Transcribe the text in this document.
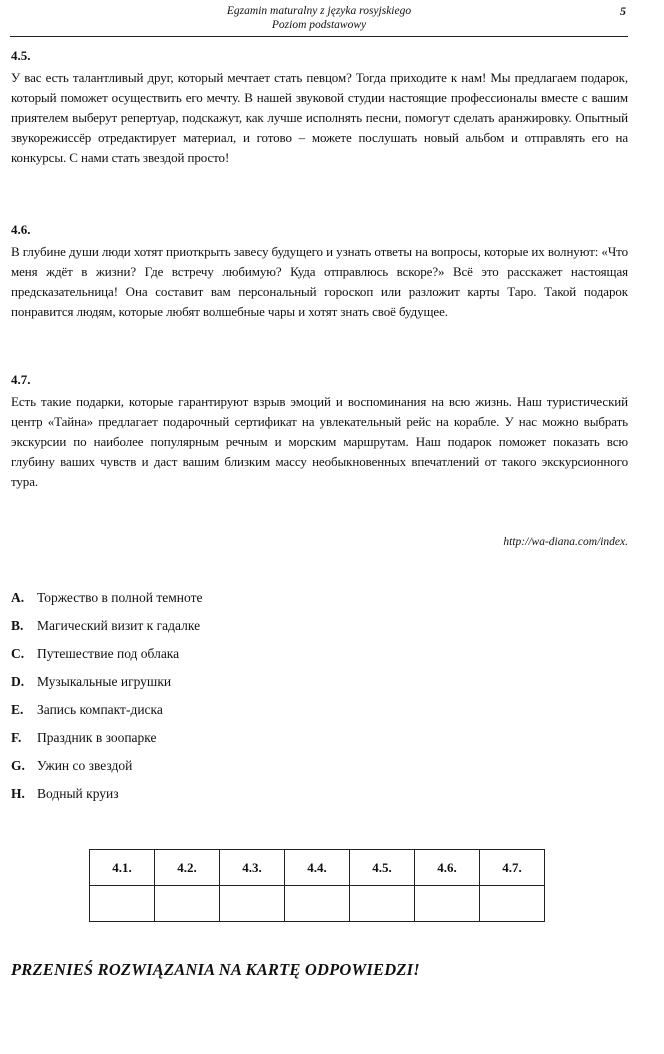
Egzamin maturalny z języka rosyjskiego
Poziom podstawowy
5

4.5.

У вас есть талантливый друг, который мечтает стать певцом? Тогда приходите к нам! Мы предлагаем подарок, который поможет осуществить его мечту. В нашей звуковой студии настоящие профессионалы вместе с вашим приятелем выберут репертуар, подскажут, как лучше исполнять песни, помогут сделать аранжировку. Опытный звукорежиссёр отредактирует материал, и готово – можете послушать новый альбом и отправлять его на конкурсы. С нами стать звездой просто!

4.6.

В глубине души люди хотят приоткрыть завесу будущего и узнать ответы на вопросы, которые их волнуют: «Что меня ждёт в жизни? Где встречу любимую? Куда отправлюсь вскоре?» Всё это расскажет настоящая предсказательница! Она составит вам персональный гороскоп или разложит карты Таро. Такой подарок понравится людям, которые любят волшебные чары и хотят знать своё будущее.

4.7.

Есть такие подарки, которые гарантируют взрыв эмоций и воспоминания на всю жизнь. Наш туристический центр «Тайна» предлагает подарочный сертификат на увлекательный рейс на корабле. У нас можно выбрать экскурсии по наиболее популярным речным и морским маршрутам. Наш подарок поможет показать всю глубину ваших чувств и даст вашим близким массу необыкновенных впечатлений от такого экскурсионного тура.

http://wa-diana.com/index.
A. Торжество в полной темноте
B. Магический визит к гадалке
C. Путешествие под облака
D. Музыкальные игрушки
E. Запись компакт-диска
F. Праздник в зоопарке
G. Ужин со звездой
H. Водный круиз
4.1.	4.2.	4.3.	4.4.	4.5.	4.6.	4.7.

PRZENIEŚ ROZWIĄZANIA NA KARTĘ ODPOWIEDZI!
